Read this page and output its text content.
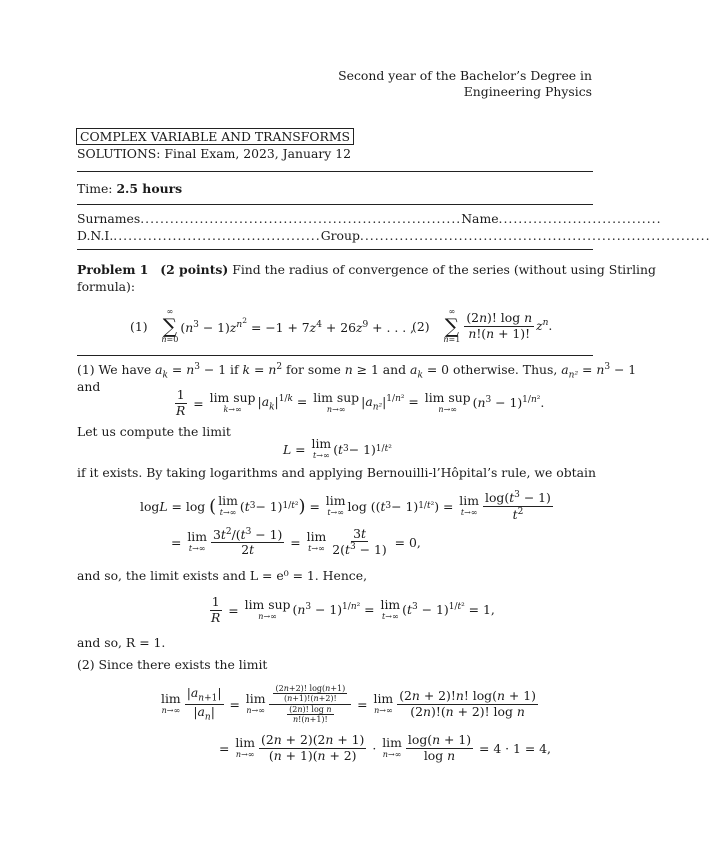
Second year of the Bachelor’s Degree in
Engineering Physics
COMPLEX VARIABLE AND TRANSFORMS
SOLUTIONS: Final Exam, 2023, January 12
Time: 2.5 hours
Surnames ................................................................. Name .................................
D.N.I. .......................................... Group .......................................................................
Problem 1 (2 points) Find the radius of convergence of the series (without using Stirling
formula):
(1)

∞
∑
n=0
$(n^3 - 1)z^{n^2} = -1 + 7z^4 + 26z^9$ + . . . ,
(2)

∞
∑
$n=1 \frac{\text{(2n)! log n}}{n!(n + 1)!} z^n$.
(1) We have $a_k = n^3 - 1$ if $k = n^2$ for some n ≥ 1 and $a_k = 0$ otherwise. Thus, $a_{n^2} = n^3 - 1$
and
$\frac{1}{R} = \lim$ sup
k→∞
$|a_k|^{1/k} = \lim$ sup
n→∞
$|a_{n^2}|^{1/n^2} = \lim$ sup
n→∞ $(n^3 - 1)^{1/n^2}$.
Let us compute the limit
L = lim
t→∞ ( t 3 − 1) 1/t²
if it exists. By taking logarithms and applying Bernouilli-l’Hôpital’s rule, we obtain
log L = log ( lim
t→∞ ( t 3 − 1) 1/t² ) = lim
t→∞ log (( t 3 − 1) 1/t² ) = lim
$t\to\infty \frac{\log(t^3 - 1)}{t^2}$
= lim
$t\to\infty \frac{3t^2/(t^3 - 1)}{2t} = \lim$
$t\to\infty \frac{3t}{2(t^3 - 1)} = 0$,
and so, the limit exists and L = e⁰ = 1. Hence,
$\frac{1}{R} = \lim$ sup
n→∞ $(n^3 - 1)^{1/n^2} = \lim$
t→∞ $(t^3 - 1)^{1/t^2} = 1$,
and so, R = 1.
(2) Since there exists the limit
lim
$n\to\infty \frac{|a_{n+1}|}{|a_n|} = \lim$
$n\to\infty \frac{\frac{(2n+2)! \log(n+1)}{(n+1)!(n+2)!}}{\frac{\text{(2n)! log n}}{n!(n+1)!}} = \lim$
$n\to\infty \frac{(2n + 2)!n! \log(n + 1)}{\text{(2n)!(n + 2)! log n}}$
= lim
$n\to\infty \frac{(2n + 2)(2n + 1)}{(n + 1)(n + 2)} \cdot \lim$
$n\to\infty \frac{\log(n + 1)}{\text{log n}} = 4 \cdot 1 = 4$,
